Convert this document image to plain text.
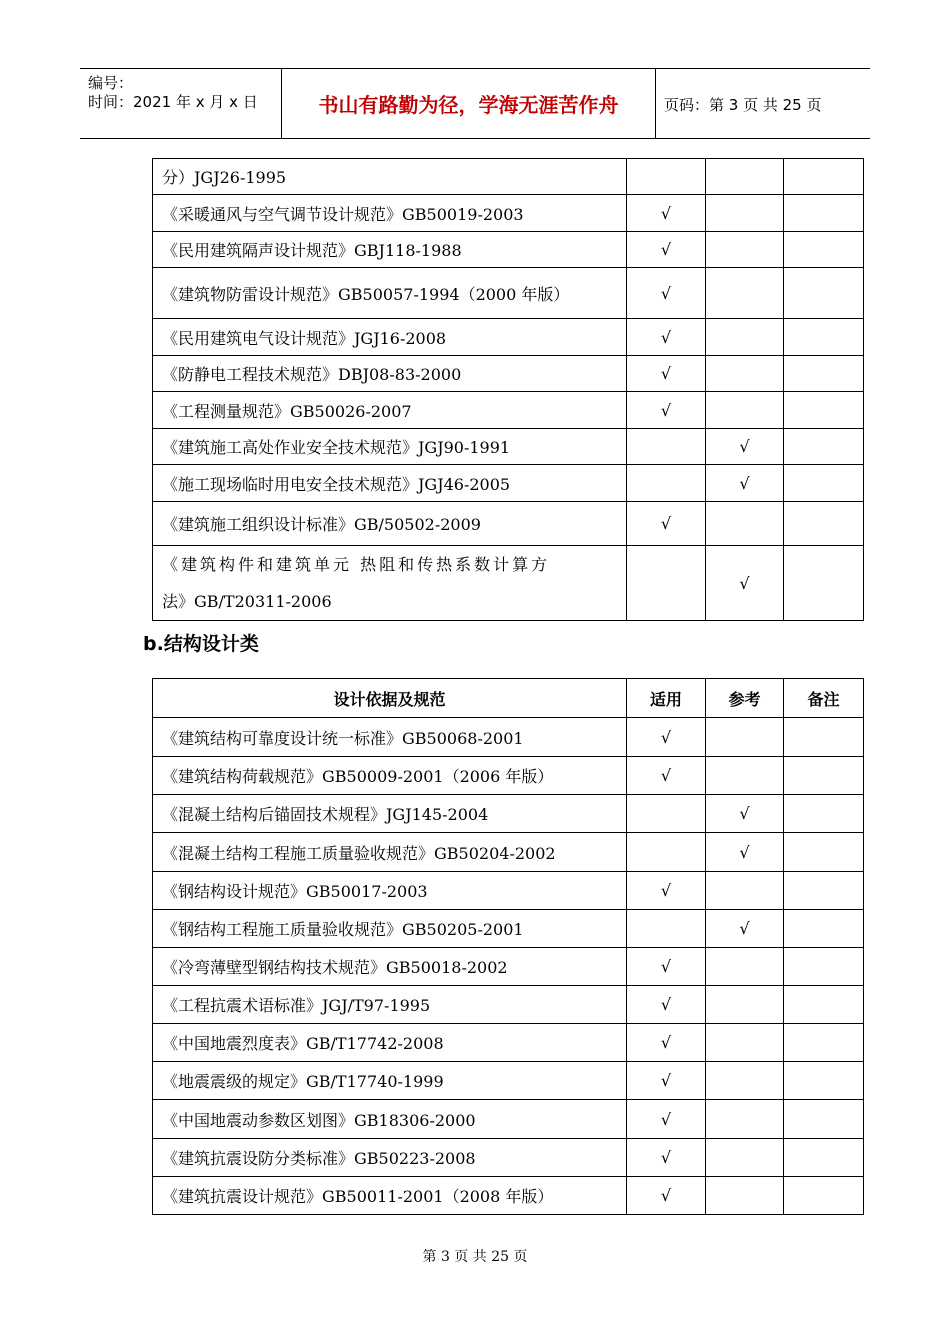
编号：
时间：2021 年 x 月 x 日	书山有路勤为径，学海无涯苦作舟	页码：第 3 页 共 25 页
分）JGJ26-1995			
《采暖通风与空气调节设计规范》GB50019-2003	√		
《民用建筑隔声设计规范》GBJ118-1988	√		
《建筑物防雷设计规范》GB50057-1994（2000 年版）	√		
《民用建筑电气设计规范》JGJ16-2008	√		
《防静电工程技术规范》DBJ08-83-2000	√		
《工程测量规范》GB50026-2007	√		
《建筑施工高处作业安全技术规范》JGJ90-1991		√	
《施工现场临时用电安全技术规范》JGJ46-2005		√	
《建筑施工组织设计标准》GB/50502-2009	√		

《建筑构件和建筑单元 热阻和传热系数计算方
法》GB/T20311-2006		√	
b.结构设计类
设计依据及规范	适用	参考	备注
《建筑结构可靠度设计统一标准》GB50068-2001	√		
《建筑结构荷载规范》GB50009-2001（2006 年版）	√		
《混凝土结构后锚固技术规程》JGJ145-2004		√	
《混凝土结构工程施工质量验收规范》GB50204-2002		√	
《钢结构设计规范》GB50017-2003	√		
《钢结构工程施工质量验收规范》GB50205-2001		√	
《冷弯薄壁型钢结构技术规范》GB50018-2002	√		
《工程抗震术语标准》JGJ/T97-1995	√		
《中国地震烈度表》GB/T17742-2008	√		
《地震震级的规定》GB/T17740-1999	√		
《中国地震动参数区划图》GB18306-2000	√		
《建筑抗震设防分类标准》GB50223-2008	√		
《建筑抗震设计规范》GB50011-2001（2008 年版）	√		
第 3 页 共 25 页
